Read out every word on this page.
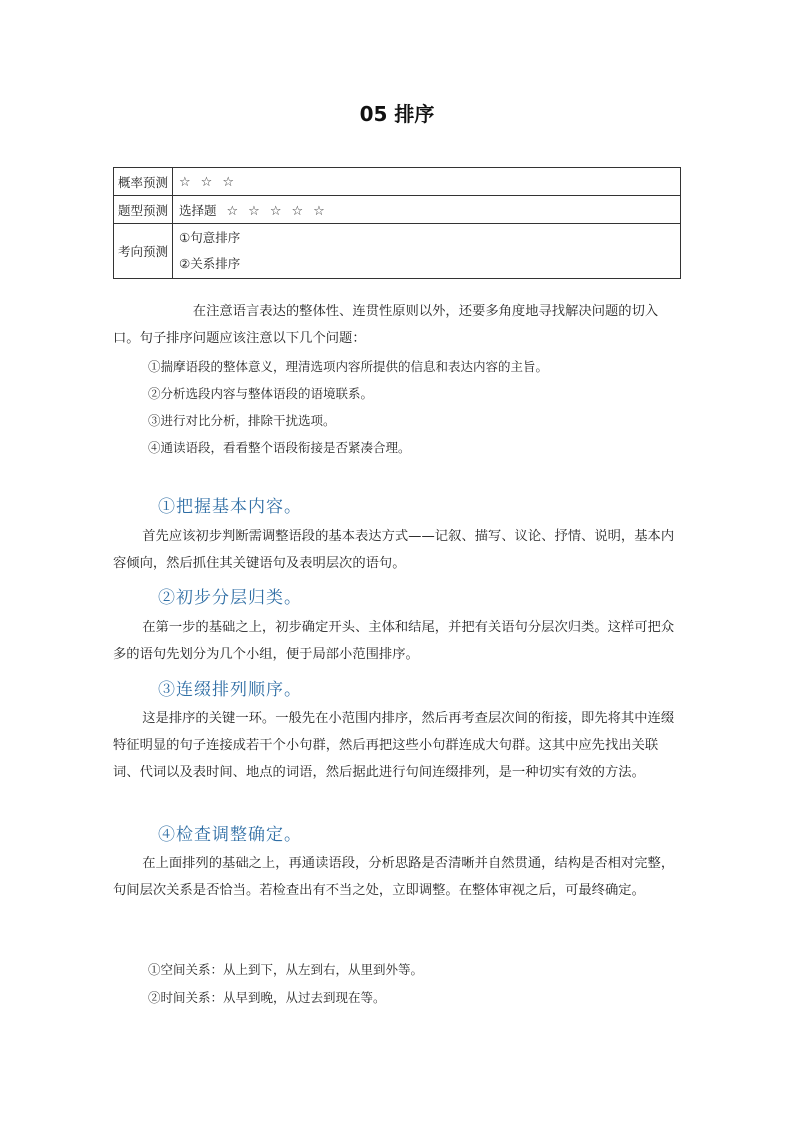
05 排序
概率预测	☆ ☆ ☆
题型预测	选择题 ☆ ☆ ☆ ☆ ☆
考向预测	①句意排序
②关系排序

在注意语言表达的整体性、连贯性原则以外，还要多角度地寻找解决问题的切入口。句子排序问题应该注意以下几个问题：

①揣摩语段的整体意义，理清选项内容所提供的信息和表达内容的主旨。
②分析选段内容与整体语段的语境联系。
③进行对比分析，排除干扰选项。
④通读语段，看看整个语段衔接是否紧凑合理。
①把握基本内容。

首先应该初步判断需调整语段的基本表达方式——记叙、描写、议论、抒情、说明，基本内容倾向，然后抓住其关键语句及表明层次的语句。

②初步分层归类。

在第一步的基础之上，初步确定开头、主体和结尾，并把有关语句分层次归类。这样可把众多的语句先划分为几个小组，便于局部小范围排序。

③连缀排列顺序。

这是排序的关键一环。一般先在小范围内排序，然后再考查层次间的衔接，即先将其中连缀特征明显的句子连接成若干个小句群，然后再把这些小句群连成大句群。这其中应先找出关联词、代词以及表时间、地点的词语，然后据此进行句间连缀排列，是一种切实有效的方法。

④检查调整确定。

在上面排列的基础之上，再通读语段，分析思路是否清晰并自然贯通，结构是否相对完整，句间层次关系是否恰当。若检查出有不当之处，立即调整。在整体审视之后，可最终确定。

①空间关系：从上到下，从左到右，从里到外等。
②时间关系：从早到晚，从过去到现在等。
